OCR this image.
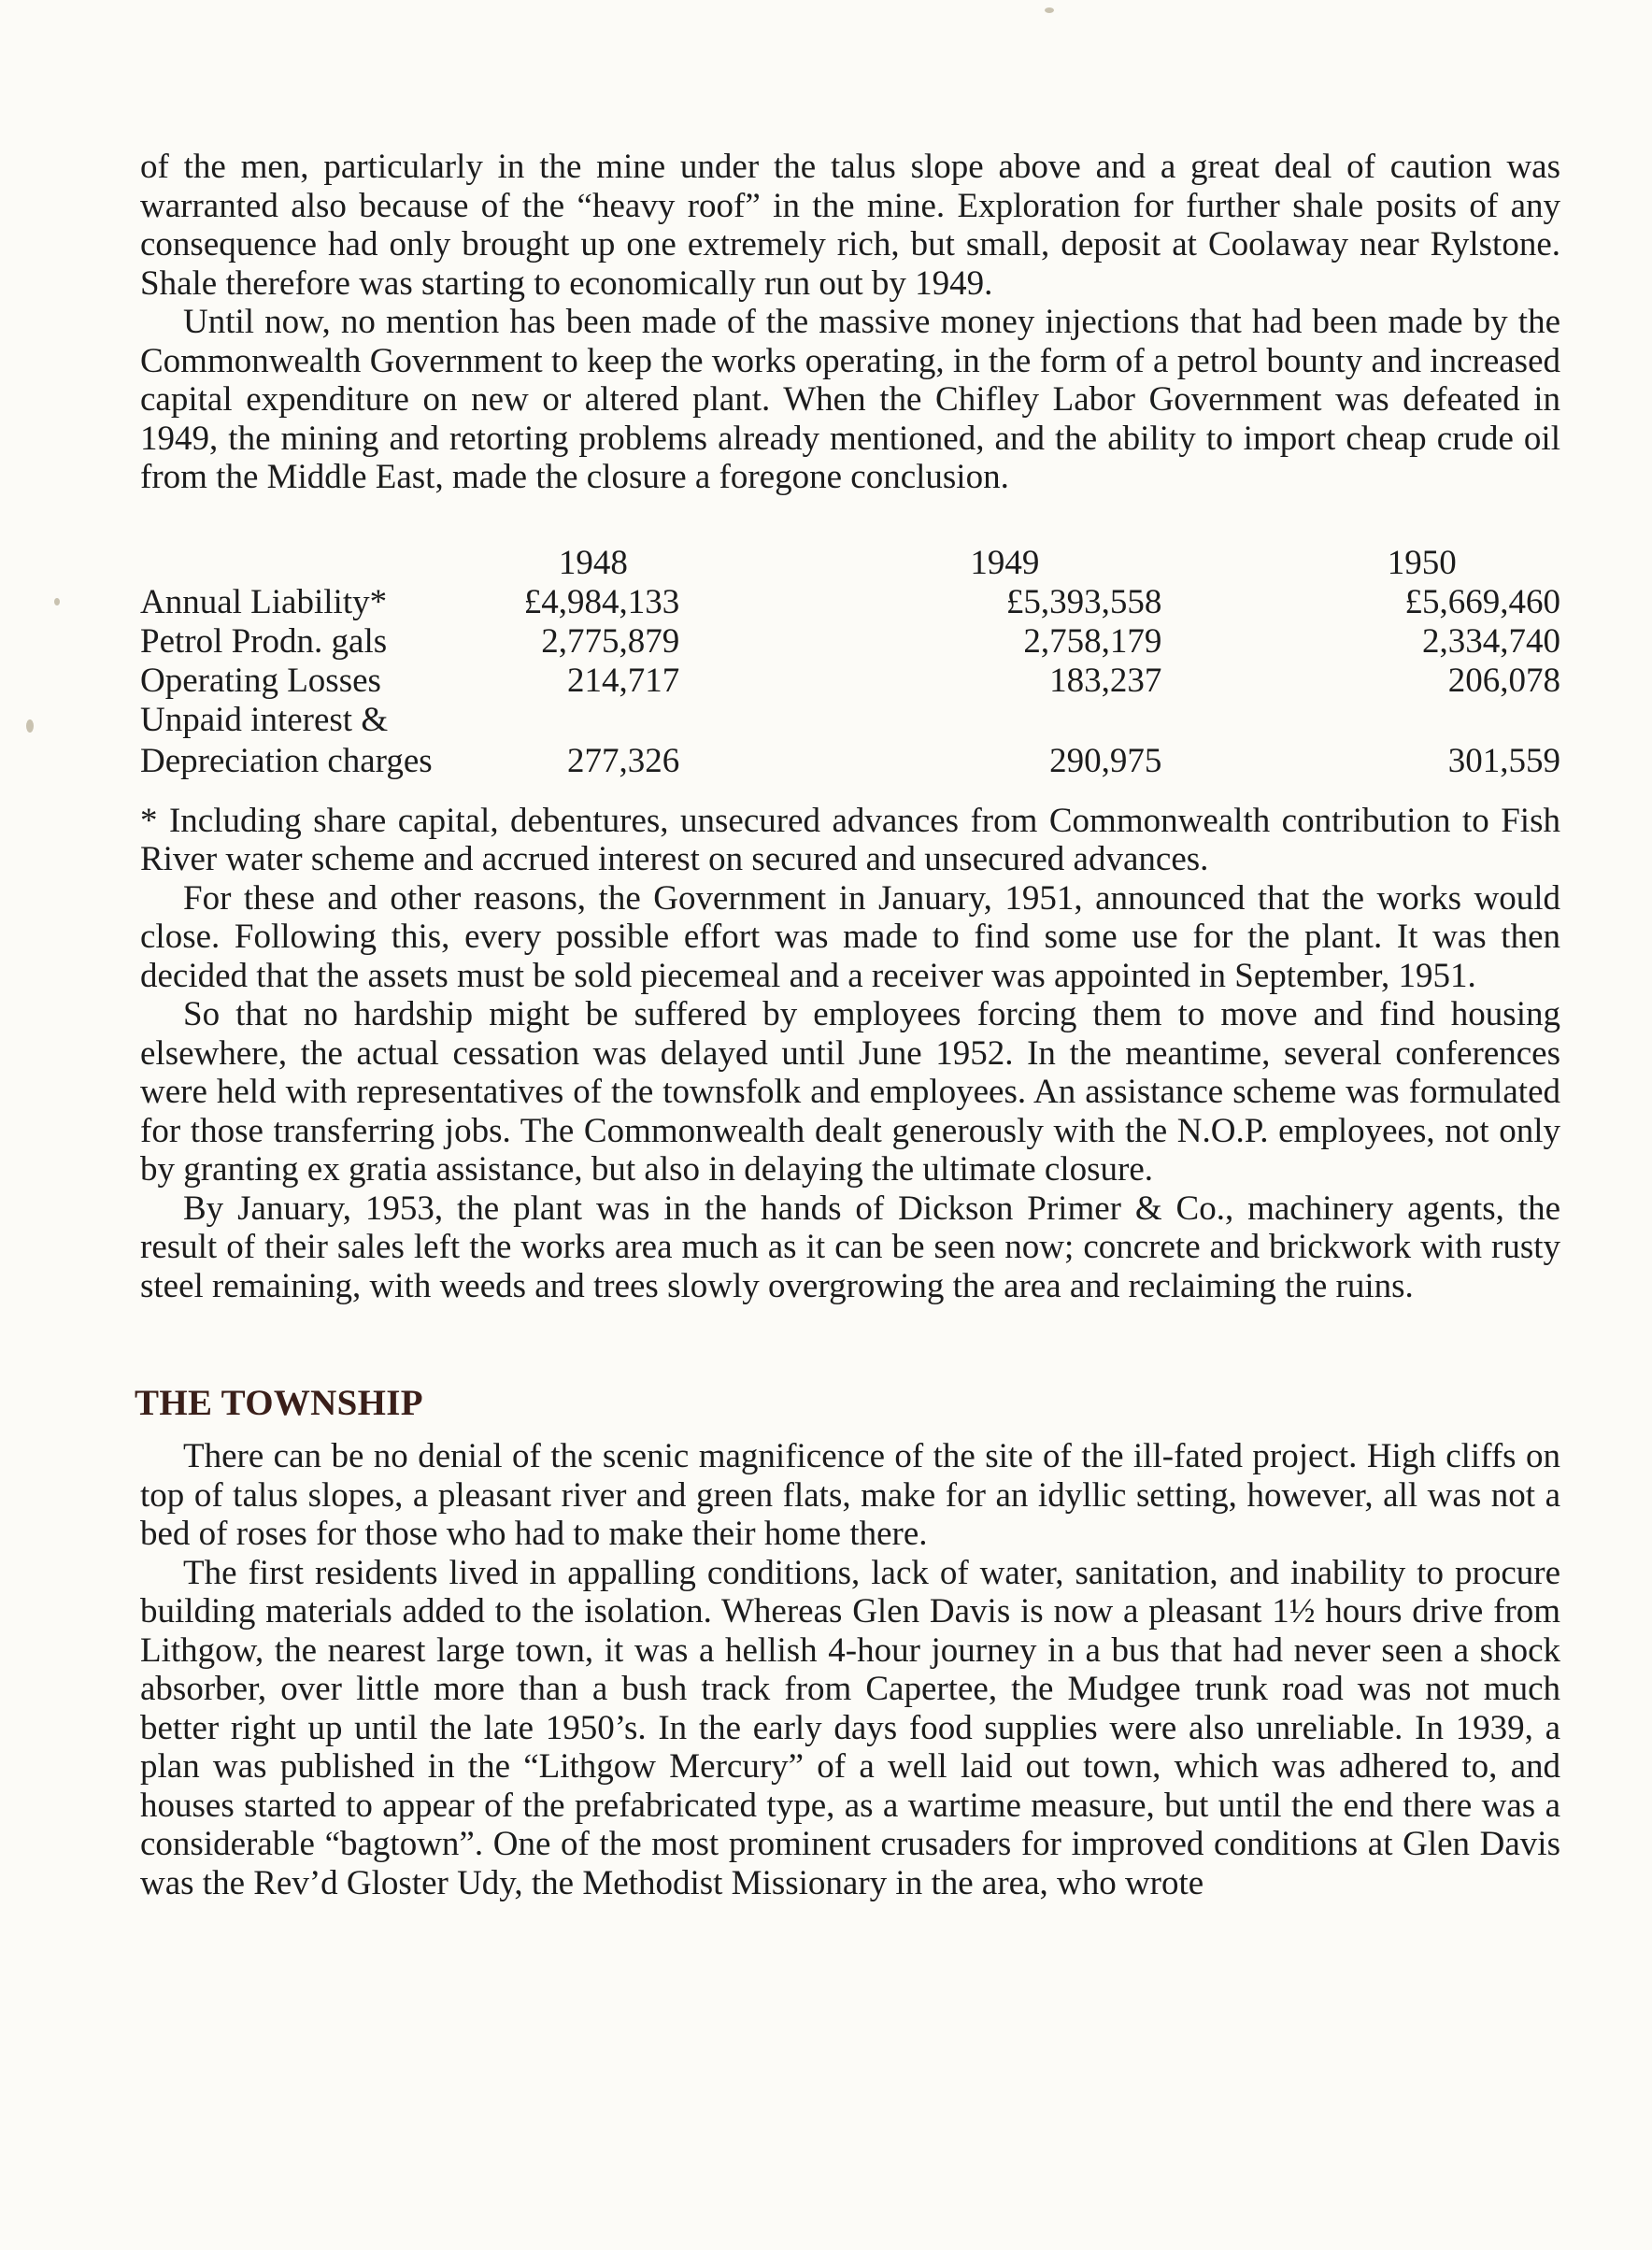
of the men, particularly in the mine under the talus slope above and a great deal of caution was warranted also because of the “heavy roof” in the mine. Exploration for further shale posits of any consequence had only brought up one extremely rich, but small, deposit at Coolaway near Rylstone. Shale therefore was starting to economically run out by 1949.

Until now, no mention has been made of the massive money injections that had been made by the Commonwealth Government to keep the works operating, in the form of a petrol bounty and increased capital expenditure on new or altered plant. When the Chifley Labor Government was defeated in 1949, the mining and retorting problems already mentioned, and the ability to import cheap crude oil from the Middle East, made the closure a foregone conclusion.

	1948	1949	1950
Annual Liability*	£4,984,133	£5,393,558	£5,669,460
Petrol Prodn. gals	2,775,879	2,758,179	2,334,740
Operating Losses	214,717	183,237	206,078
Unpaid interest &			
Depreciation charges	277,326	290,975	301,559

* Including share capital, debentures, unsecured advances from Commonwealth contribution to Fish River water scheme and accrued interest on secured and unsecured advances.

For these and other reasons, the Government in January, 1951, announced that the works would close. Following this, every possible effort was made to find some use for the plant. It was then decided that the assets must be sold piecemeal and a receiver was appointed in September, 1951.

So that no hardship might be suffered by employees forcing them to move and find housing elsewhere, the actual cessation was delayed until June 1952. In the meantime, several conferences were held with representatives of the townsfolk and employees. An assistance scheme was formulated for those transferring jobs. The Commonwealth dealt generously with the N.O.P. employees, not only by granting ex gratia assistance, but also in delaying the ultimate closure.

By January, 1953, the plant was in the hands of Dickson Primer & Co., machinery agents, the result of their sales left the works area much as it can be seen now; concrete and brickwork with rusty steel remaining, with weeds and trees slowly overgrowing the area and reclaiming the ruins.

THE TOWNSHIP

There can be no denial of the scenic magnificence of the site of the ill-fated project. High cliffs on top of talus slopes, a pleasant river and green flats, make for an idyllic setting, however, all was not a bed of roses for those who had to make their home there.

The first residents lived in appalling conditions, lack of water, sanitation, and inability to procure building materials added to the isolation. Whereas Glen Davis is now a pleasant 1½ hours drive from Lithgow, the nearest large town, it was a hellish 4-hour journey in a bus that had never seen a shock absorber, over little more than a bush track from Capertee, the Mudgee trunk road was not much better right up until the late 1950’s. In the early days food supplies were also unreliable. In 1939, a plan was published in the “Lithgow Mercury” of a well laid out town, which was adhered to, and houses started to appear of the prefabricated type, as a wartime measure, but until the end there was a considerable “bagtown”. One of the most prominent crusaders for improved conditions at Glen Davis was the Rev’d Gloster Udy, the Methodist Missionary in the area, who wrote
